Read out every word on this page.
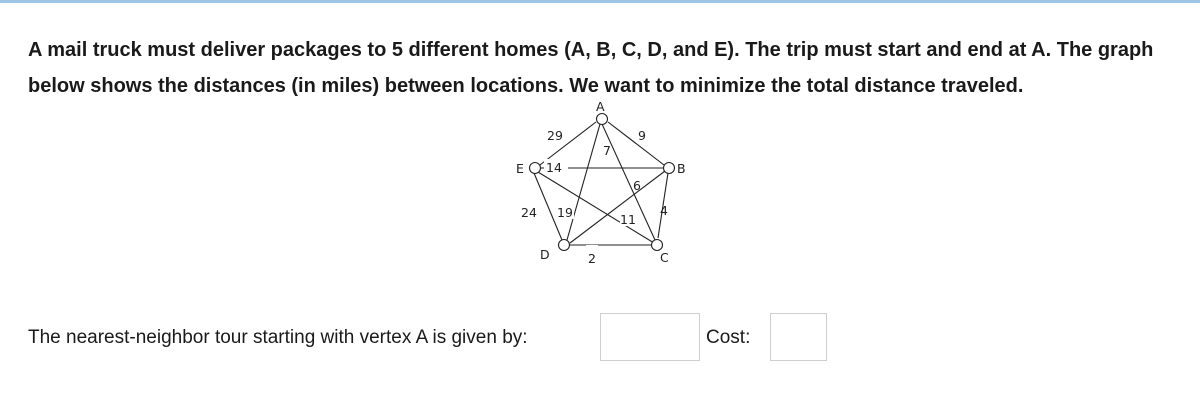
A mail truck must deliver packages to 5 different homes (A, B, C, D, and E). The trip must start and end at A. The graph below shows the distances (in miles) between locations. We want to minimize the total distance traveled.
A
B
C
D
E
29	9
7
14
6
4
24 19	11
2
The nearest-neighbor tour starting with vertex A is given by:	Cost:
